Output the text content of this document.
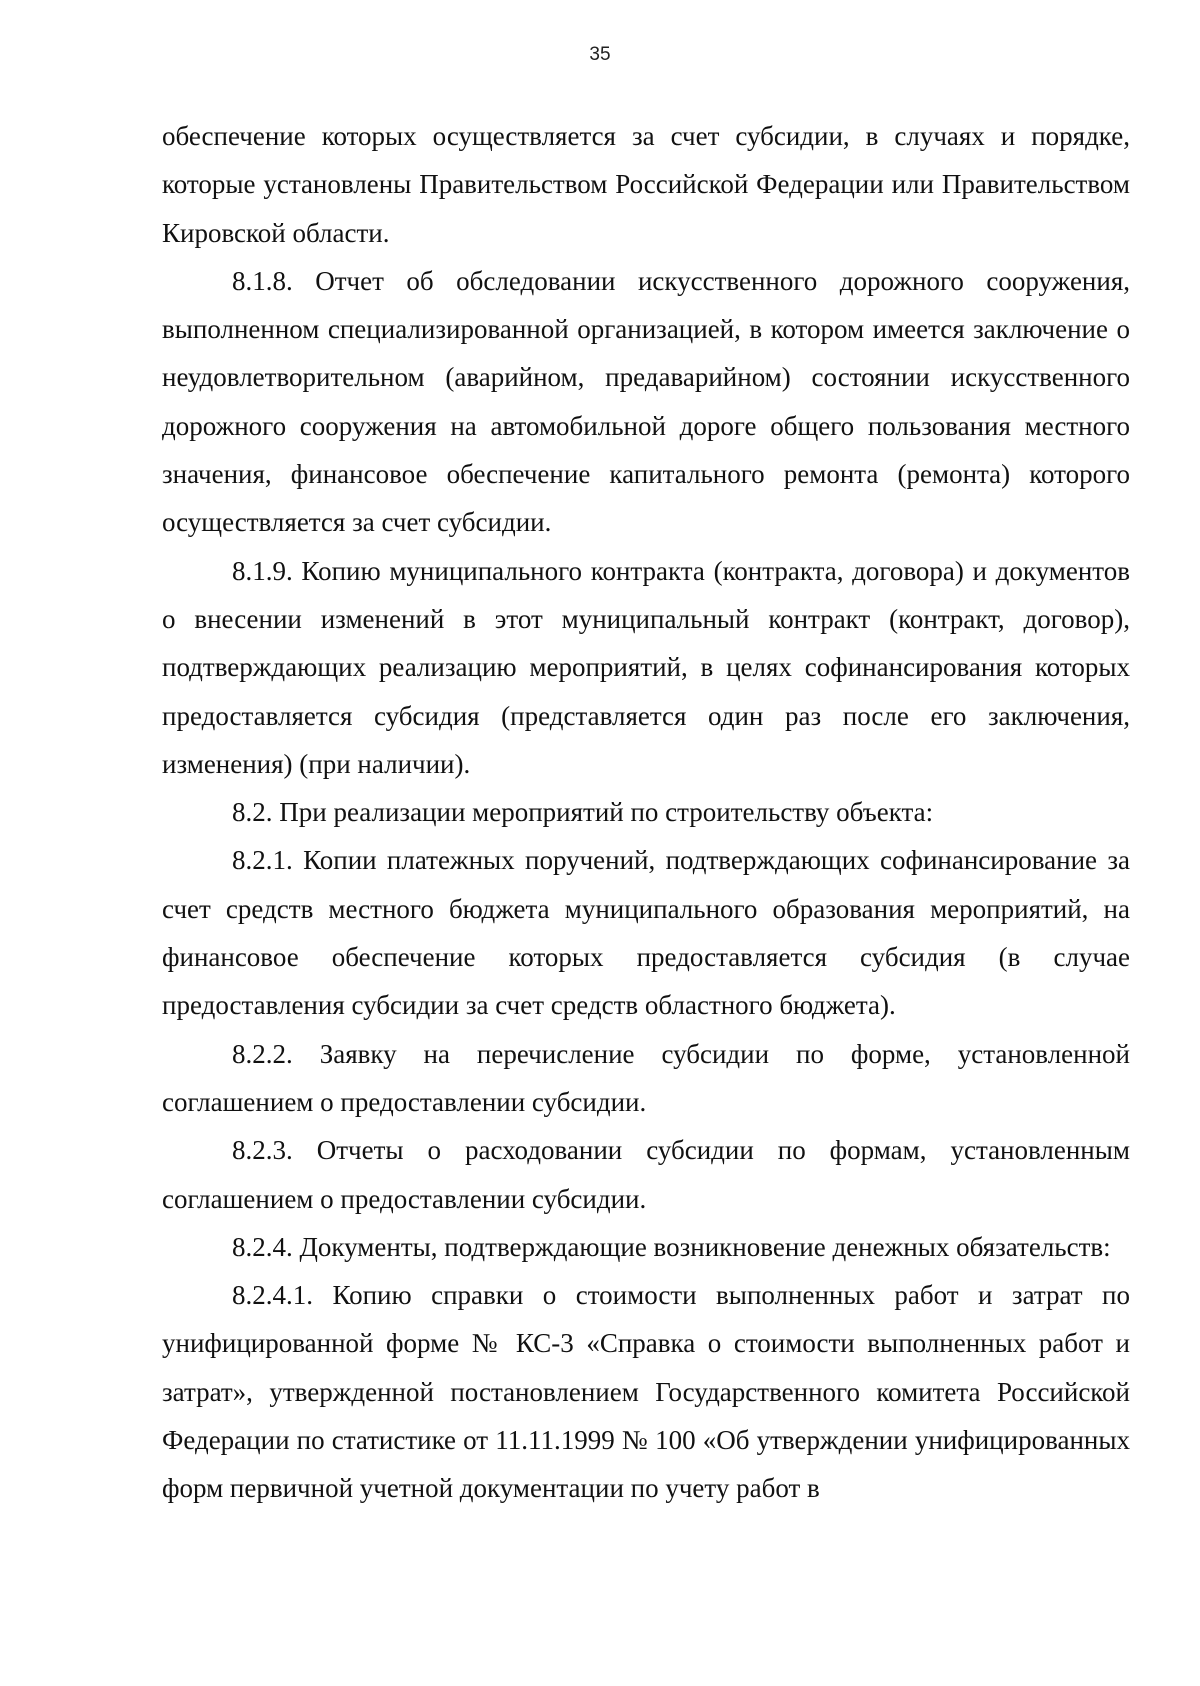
35

обеспечение которых осуществляется за счет субсидии, в случаях и порядке, которые установлены Правительством Российской Федерации или Правительством Кировской области.

8.1.8. Отчет об обследовании искусственного дорожного сооружения, выполненном специализированной организацией, в котором имеется заключение о неудовлетворительном (аварийном, предаварийном) состоянии искусственного дорожного сооружения на автомобильной дороге общего пользования местного значения, финансовое обеспечение капитального ремонта (ремонта) которого осуществляется за счет субсидии.

8.1.9. Копию муниципального контракта (контракта, договора) и документов о внесении изменений в этот муниципальный контракт (контракт, договор), подтверждающих реализацию мероприятий, в целях софинансирования которых предоставляется субсидия (представляется один раз после его заключения, изменения) (при наличии).

8.2. При реализации мероприятий по строительству объекта:

8.2.1. Копии платежных поручений, подтверждающих софинансирование за счет средств местного бюджета муниципального образования мероприятий, на финансовое обеспечение которых предоставляется субсидия (в случае предоставления субсидии за счет средств областного бюджета).

8.2.2. Заявку на перечисление субсидии по форме, установленной соглашением о предоставлении субсидии.

8.2.3. Отчеты о расходовании субсидии по формам, установленным соглашением о предоставлении субсидии.

8.2.4. Документы, подтверждающие возникновение денежных обязательств:

8.2.4.1. Копию справки о стоимости выполненных работ и затрат по унифицированной форме № КС-3 «Справка о стоимости выполненных работ и затрат», утвержденной постановлением Государственного комитета Российской Федерации по статистике от 11.11.1999 № 100 «Об утверждении унифицированных форм первичной учетной документации по учету работ в
